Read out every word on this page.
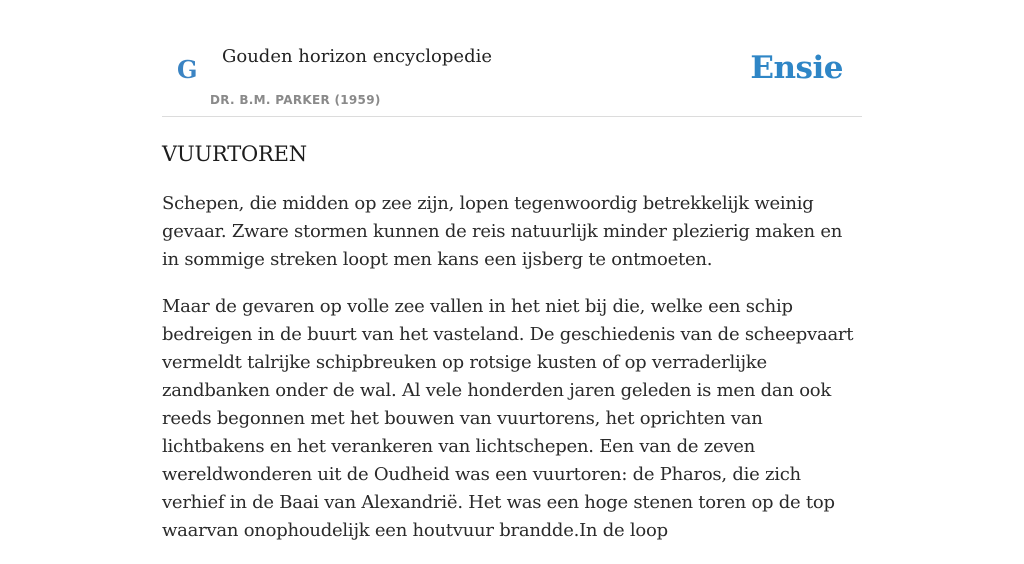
G Gouden horizon encyclopedie
DR. B.M. PARKER (1959)
Ensie
VUURTOREN

Schepen, die midden op zee zijn, lopen tegenwoordig betrekkelijk weinig gevaar. Zware stormen kunnen de reis natuurlijk minder plezierig maken en in sommige streken loopt men kans een ijsberg te ontmoeten.

Maar de gevaren op volle zee vallen in het niet bij die, welke een schip bedreigen in de buurt van het vasteland. De geschiedenis van de scheepvaart vermeldt talrijke schipbreuken op rotsige kusten of op verraderlijke zandbanken onder de wal. Al vele honderden jaren geleden is men dan ook reeds begonnen met het bouwen van vuurtorens, het oprichten van lichtbakens en het verankeren van lichtschepen. Een van de zeven wereldwonderen uit de Oudheid was een vuurtoren: de Pharos, die zich verhief in de Baai van Alexandrië. Het was een hoge stenen toren op de top waarvan onophoudelijk een houtvuur brandde.In de loop
